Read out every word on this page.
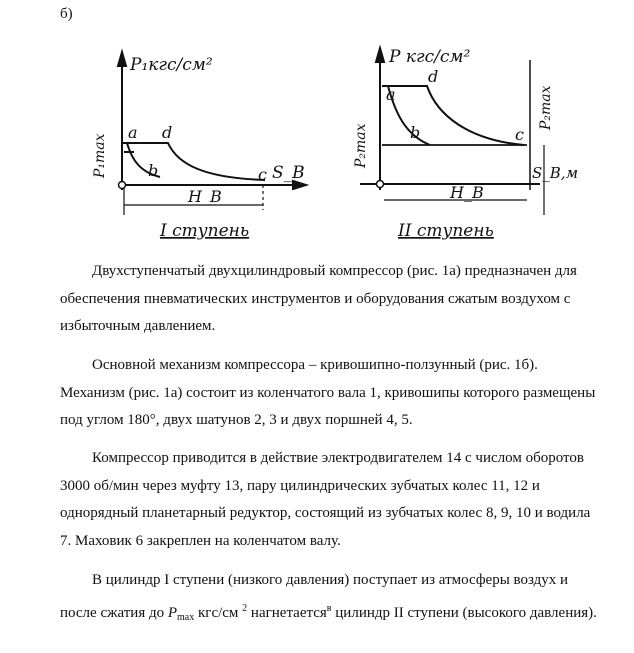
б)
P₁кгс/см²
P₁max
a d
b	c S_B
H_B
I ступень
P кгс/см²
P₂max
P₂max
a
d
b	c
S_B,м
H_B
II ступень

Двухступенчатый двухцилиндровый компрессор (рис. 1а) предназначен для обеспечения пневматических инструментов и оборудования сжатым воздухом с избыточным давлением.

Основной механизм компрессора – кривошипно-ползунный (рис. 1б). Механизм (рис. 1а) состоит из коленчатого вала 1, кривошипы которого размещены под углом 180°, двух шатунов 2, 3 и двух поршней 4, 5.

Компрессор приводится в действие электродвигателем 14 с числом оборотов 3000 об/мин через муфту 13, пару цилиндрических зубчатых колес 11, 12 и однорядный планетарный редуктор, состоящий из зубчатых колес 8, 9, 10 и водила 7. Маховик 6 закреплен на коленчатом валу.

В цилиндр I ступени (низкого давления) поступает из атмосферы воздух и после сжатия до $P_{max}$ кгс/см $^2$ нагнетается$^в$ цилиндр II ступени (высокого давления).
